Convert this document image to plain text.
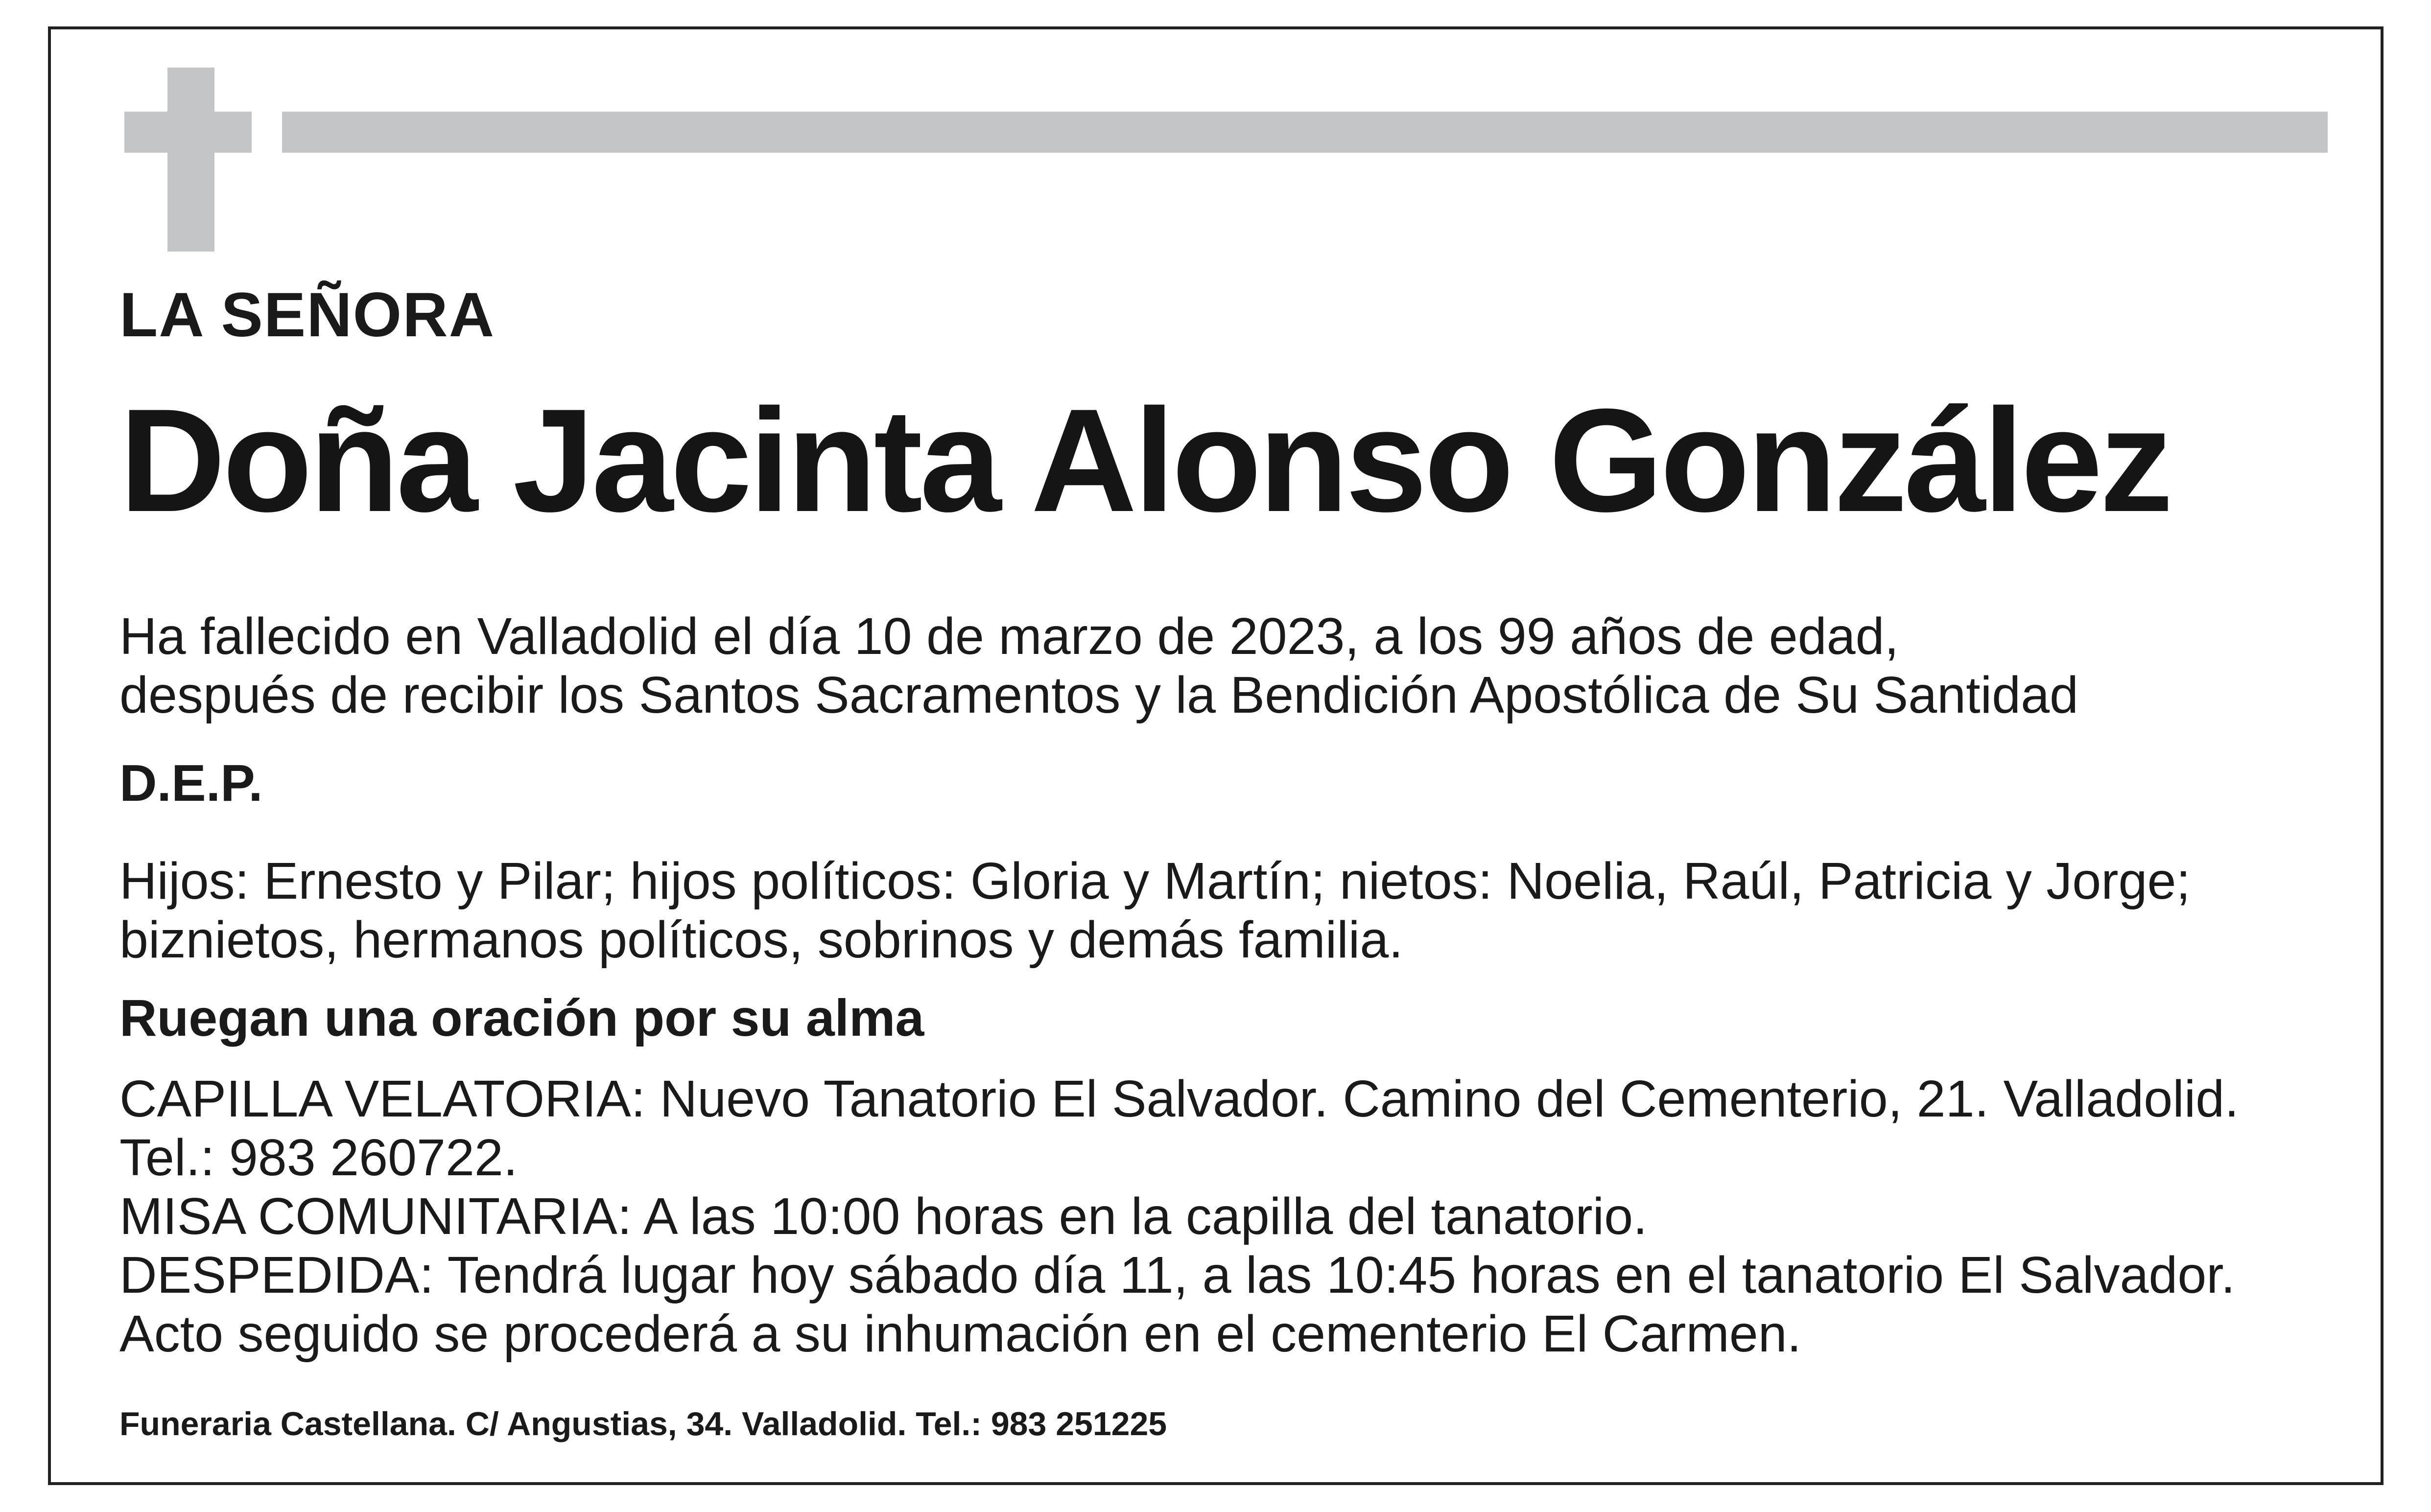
LA SEÑORA

Doña Jacinta Alonso González

Ha fallecido en Valladolid el día 10 de marzo de 2023, a los 99 años de edad,
después de recibir los Santos Sacramentos y la Bendición Apostólica de Su Santidad

D.E.P.

Hijos: Ernesto y Pilar; hijos políticos: Gloria y Martín; nietos: Noelia, Raúl, Patricia y Jorge;
biznietos, hermanos políticos, sobrinos y demás familia.

Ruegan una oración por su alma

CAPILLA VELATORIA: Nuevo Tanatorio El Salvador. Camino del Cementerio, 21. Valladolid.
Tel.: 983 260722.
MISA COMUNITARIA: A las 10:00 horas en la capilla del tanatorio.
DESPEDIDA: Tendrá lugar hoy sábado día 11, a las 10:45 horas en el tanatorio El Salvador.
Acto seguido se procederá a su inhumación en el cementerio El Carmen.

Funeraria Castellana. C/ Angustias, 34. Valladolid. Tel.: 983 251225
